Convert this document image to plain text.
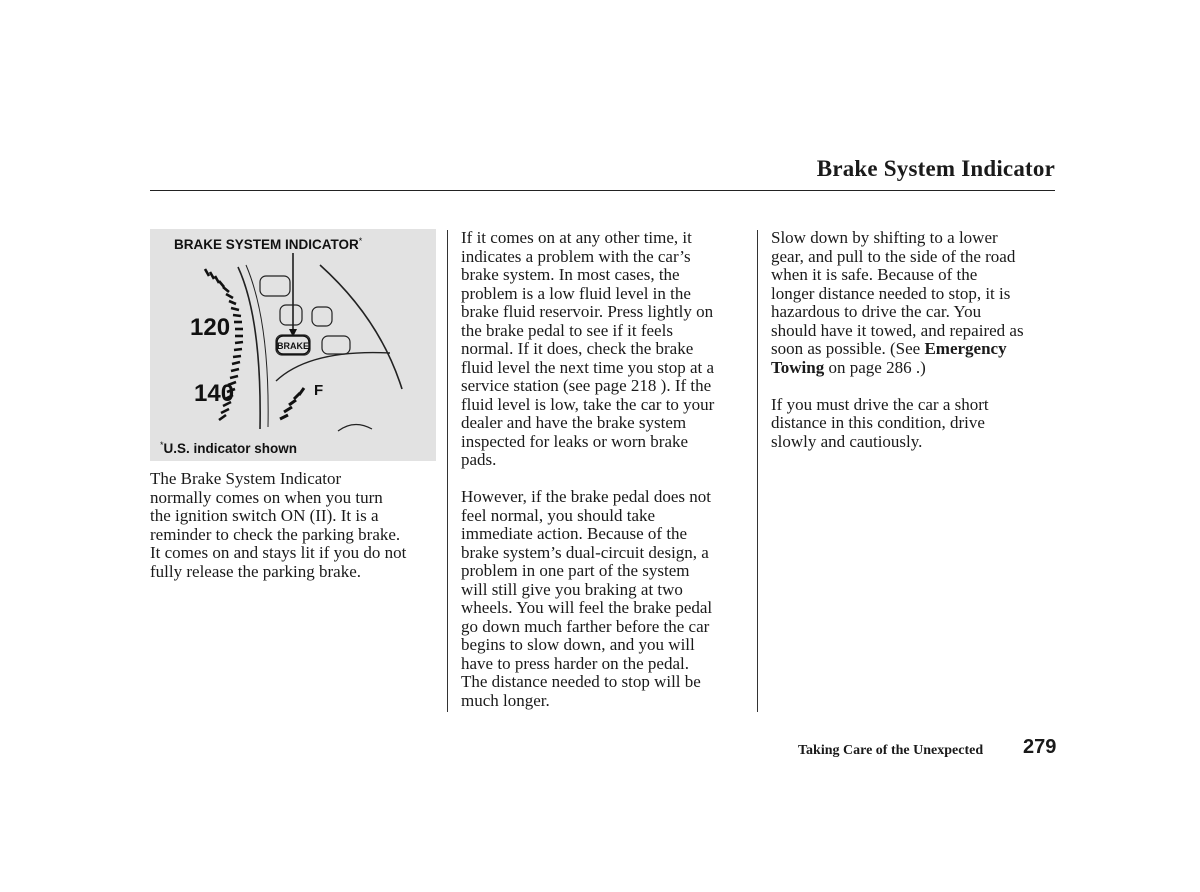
Brake System Indicator
BRAKE SYSTEM INDICATOR*
120
140
BRAKE
F
*U.S. indicator shown

The Brake System Indicator
normally comes on when you turn
the ignition switch ON (II). It is a
reminder to check the parking brake.
It comes on and stays lit if you do not
fully release the parking brake.

If it comes on at any other time, it
indicates a problem with the car’s
brake system. In most cases, the
problem is a low fluid level in the
brake fluid reservoir. Press lightly on
the brake pedal to see if it feels
normal. If it does, check the brake
fluid level the next time you stop at a
service station (see page 218 ). If the
fluid level is low, take the car to your
dealer and have the brake system
inspected for leaks or worn brake
pads.

However, if the brake pedal does not
feel normal, you should take
immediate action. Because of the
brake system’s dual-circuit design, a
problem in one part of the system
will still give you braking at two
wheels. You will feel the brake pedal
go down much farther before the car
begins to slow down, and you will
have to press harder on the pedal.
The distance needed to stop will be
much longer.

Slow down by shifting to a lower
gear, and pull to the side of the road
when it is safe. Because of the
longer distance needed to stop, it is
hazardous to drive the car. You
should have it towed, and repaired as
soon as possible. (See Emergency
Towing on page 286 .)

If you must drive the car a short
distance in this condition, drive
slowly and cautiously.

Taking Care of the Unexpected 279
